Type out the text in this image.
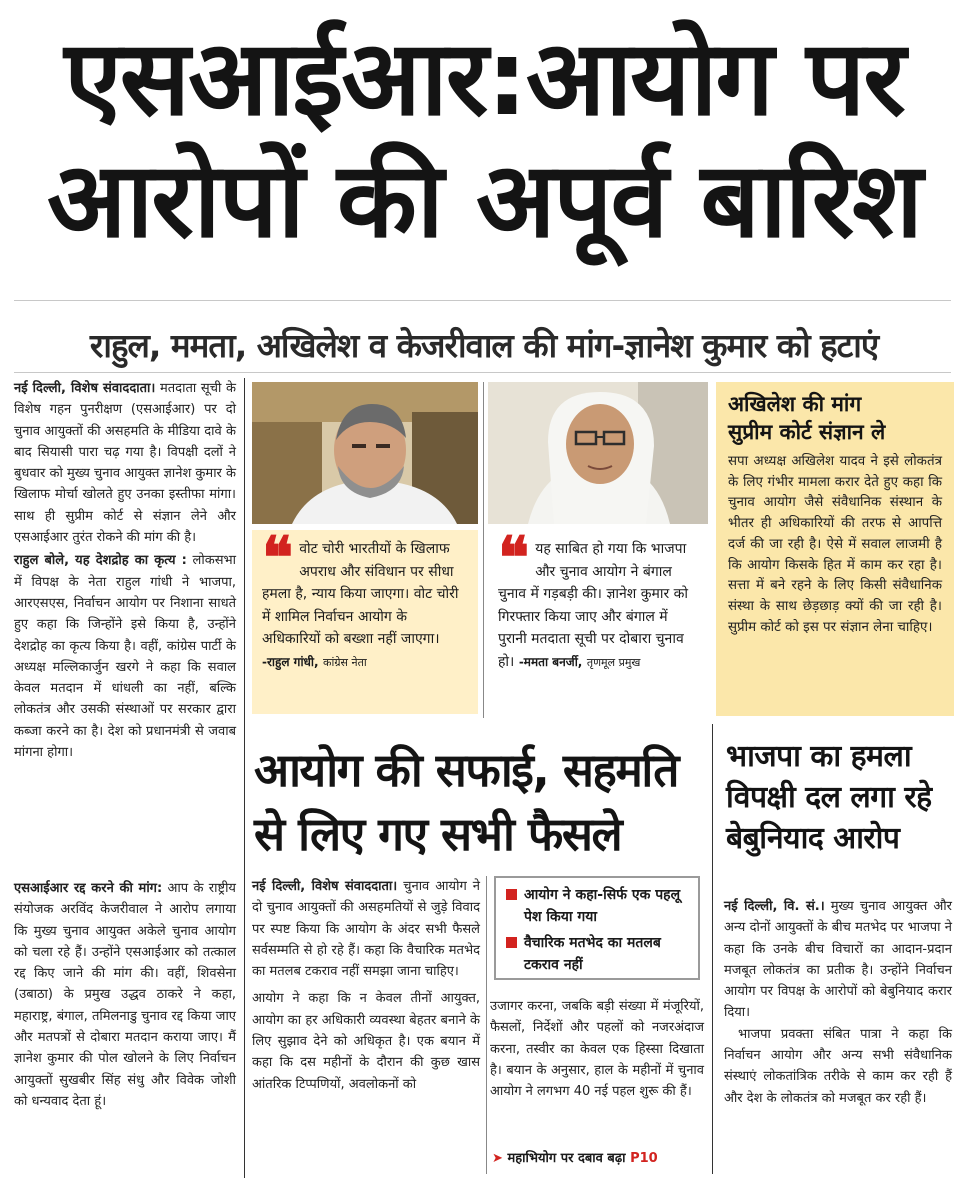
एसआईआर:आयोग पर
आरोपों की अपूर्व बारिश
राहुल, ममता, अखिलेश व केजरीवाल की मांग-ज्ञानेश कुमार को हटाएं

नई दिल्ली, विशेष संवाददाता। मतदाता सूची के विशेष गहन पुनरीक्षण (एसआईआर) पर दो चुनाव आयुक्तों की असहमति के मीडिया दावे के बाद सियासी पारा चढ़ गया है। विपक्षी दलों ने बुधवार को मुख्य चुनाव आयुक्त ज्ञानेश कुमार के खिलाफ मोर्चा खोलते हुए उनका इस्तीफा मांगा। साथ ही सुप्रीम कोर्ट से संज्ञान लेने और एसआईआर तुरंत रोकने की मांग की है।

राहुल बोले, यह देशद्रोह का कृत्य : लोकसभा में विपक्ष के नेता राहुल गांधी ने भाजपा, आरएसएस, निर्वाचन आयोग पर निशाना साधते हुए कहा कि जिन्होंने इसे किया है, उन्होंने देशद्रोह का कृत्य किया है। वहीं, कांग्रेस पार्टी के अध्यक्ष मल्लिकार्जुन खरगे ने कहा कि सवाल केवल मतदान में धांधली का नहीं, बल्कि लोकतंत्र और उसकी संस्थाओं पर सरकार द्वारा कब्जा करने का है। देश को प्रधानमंत्री से जवाब मांगना होगा।

एसआईआर रद्द करने की मांग: आप के राष्ट्रीय संयोजक अरविंद केजरीवाल ने आरोप लगाया कि मुख्य चुनाव आयुक्त अकेले चुनाव आयोग को चला रहे हैं। उन्होंने एसआईआर को तत्काल रद्द किए जाने की मांग की। वहीं, शिवसेना (उबाठा) के प्रमुख उद्धव ठाकरे ने कहा, महाराष्ट्र, बंगाल, तमिलनाडु चुनाव रद्द किया जाए और मतपत्रों से दोबारा मतदान कराया जाए। मैं ज्ञानेश कुमार की पोल खोलने के लिए निर्वाचन आयुक्तों सुखबीर सिंह संधु और विवेक जोशी को धन्यवाद देता हूं।

❝ वोट चोरी भारतीयों के खिलाफ अपराध और संविधान पर सीधा हमला है, न्याय किया जाएगा। वोट चोरी में शामिल निर्वाचन आयोग के अधिकारियों को बख्शा नहीं जाएगा। -राहुल गांधी, कांग्रेस नेता
❝ यह साबित हो गया कि भाजपा और चुनाव आयोग ने बंगाल चुनाव में गड़बड़ी की। ज्ञानेश कुमार को गिरफ्तार किया जाए और बंगाल में पुरानी मतदाता सूची पर दोबारा चुनाव हो। -ममता बनर्जी, तृणमूल प्रमुख
अखिलेश की मांग
सुप्रीम कोर्ट संज्ञान ले
सपा अध्यक्ष अखिलेश यादव ने इसे लोकतंत्र के लिए गंभीर मामला करार देते हुए कहा कि चुनाव आयोग जैसे संवैधानिक संस्थान के भीतर ही अधिकारियों की तरफ से आपत्ति दर्ज की जा रही है। ऐसे में सवाल लाजमी है कि आयोग किसके हित में काम कर रहा है। सत्ता में बने रहने के लिए किसी संवैधानिक संस्था के साथ छेड़छाड़ क्यों की जा रही है। सुप्रीम कोर्ट को इस पर संज्ञान लेना चाहिए।
आयोग की सफाई, सहमति
से लिए गए सभी फैसले

नई दिल्ली, विशेष संवाददाता। चुनाव आयोग ने दो चुनाव आयुक्तों की असहमतियों से जुड़े विवाद पर स्पष्ट किया कि आयोग के अंदर सभी फैसले सर्वसम्मति से हो रहे हैं। कहा कि वैचारिक मतभेद का मतलब टकराव नहीं समझा जाना चाहिए।

आयोग ने कहा कि न केवल तीनों आयुक्त, आयोग का हर अधिकारी व्यवस्था बेहतर बनाने के लिए सुझाव देने को अधिकृत है। एक बयान में कहा कि दस महीनों के दौरान की कुछ खास आंतरिक टिप्पणियों, अवलोकनों को

आयोग ने कहा-सिर्फ एक पहलू पेश किया गया
वैचारिक मतभेद का मतलब टकराव नहीं

उजागर करना, जबकि बड़ी संख्या में मंजूरियों, फैसलों, निर्देशों और पहलों को नजरअंदाज करना, तस्वीर का केवल एक हिस्सा दिखाता है। बयान के अनुसार, हाल के महीनों में चुनाव आयोग ने लगभग 40 नई पहल शुरू की हैं।

➤ महाभियोग पर दबाव बढ़ा P10
भाजपा का हमला
विपक्षी दल लगा रहे
बेबुनियाद आरोप

नई दिल्ली, वि. सं.। मुख्य चुनाव आयुक्त और अन्य दोनों आयुक्तों के बीच मतभेद पर भाजपा ने कहा कि उनके बीच विचारों का आदान-प्रदान मजबूत लोकतंत्र का प्रतीक है। उन्होंने निर्वाचन आयोग पर विपक्ष के आरोपों को बेबुनियाद करार दिया।

भाजपा प्रवक्ता संबित पात्रा ने कहा कि निर्वाचन आयोग और अन्य सभी संवैधानिक संस्थाएं लोकतांत्रिक तरीके से काम कर रही हैं और देश के लोकतंत्र को मजबूत कर रही हैं।
